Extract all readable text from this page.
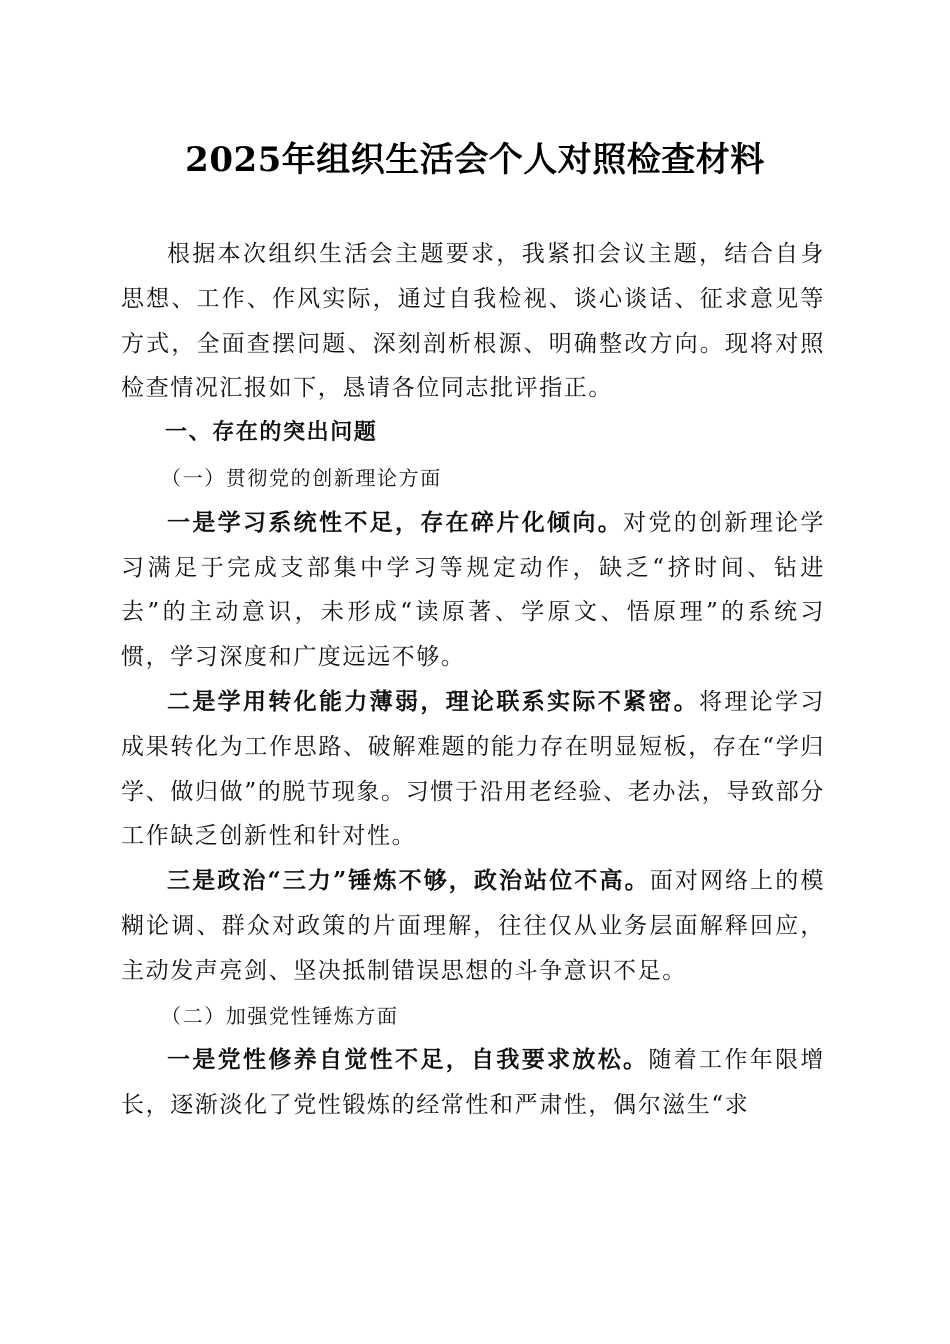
2025年组织生活会个人对照检查材料

根据本次组织生活会主题要求，我紧扣会议主题，结合自身思想、工作、作风实际，通过自我检视、谈心谈话、征求意见等方式，全面查摆问题、深刻剖析根源、明确整改方向。现将对照检查情况汇报如下，恳请各位同志批评指正。

一、存在的突出问题

（一）贯彻党的创新理论方面

一是学习系统性不足，存在碎片化倾向。对党的创新理论学习满足于完成支部集中学习等规定动作，缺乏“挤时间、钻进去”的主动意识，未形成“读原著、学原文、悟原理”的系统习惯，学习深度和广度远远不够。

二是学用转化能力薄弱，理论联系实际不紧密。将理论学习成果转化为工作思路、破解难题的能力存在明显短板，存在“学归学、做归做”的脱节现象。习惯于沿用老经验、老办法，导致部分工作缺乏创新性和针对性。

三是政治“三力”锤炼不够，政治站位不高。面对网络上的模糊论调、群众对政策的片面理解，往往仅从业务层面解释回应，主动发声亮剑、坚决抵制错误思想的斗争意识不足。

（二）加强党性锤炼方面

一是党性修养自觉性不足，自我要求放松。随着工作年限增长，逐渐淡化了党性锻炼的经常性和严肃性，偶尔滋生“求
